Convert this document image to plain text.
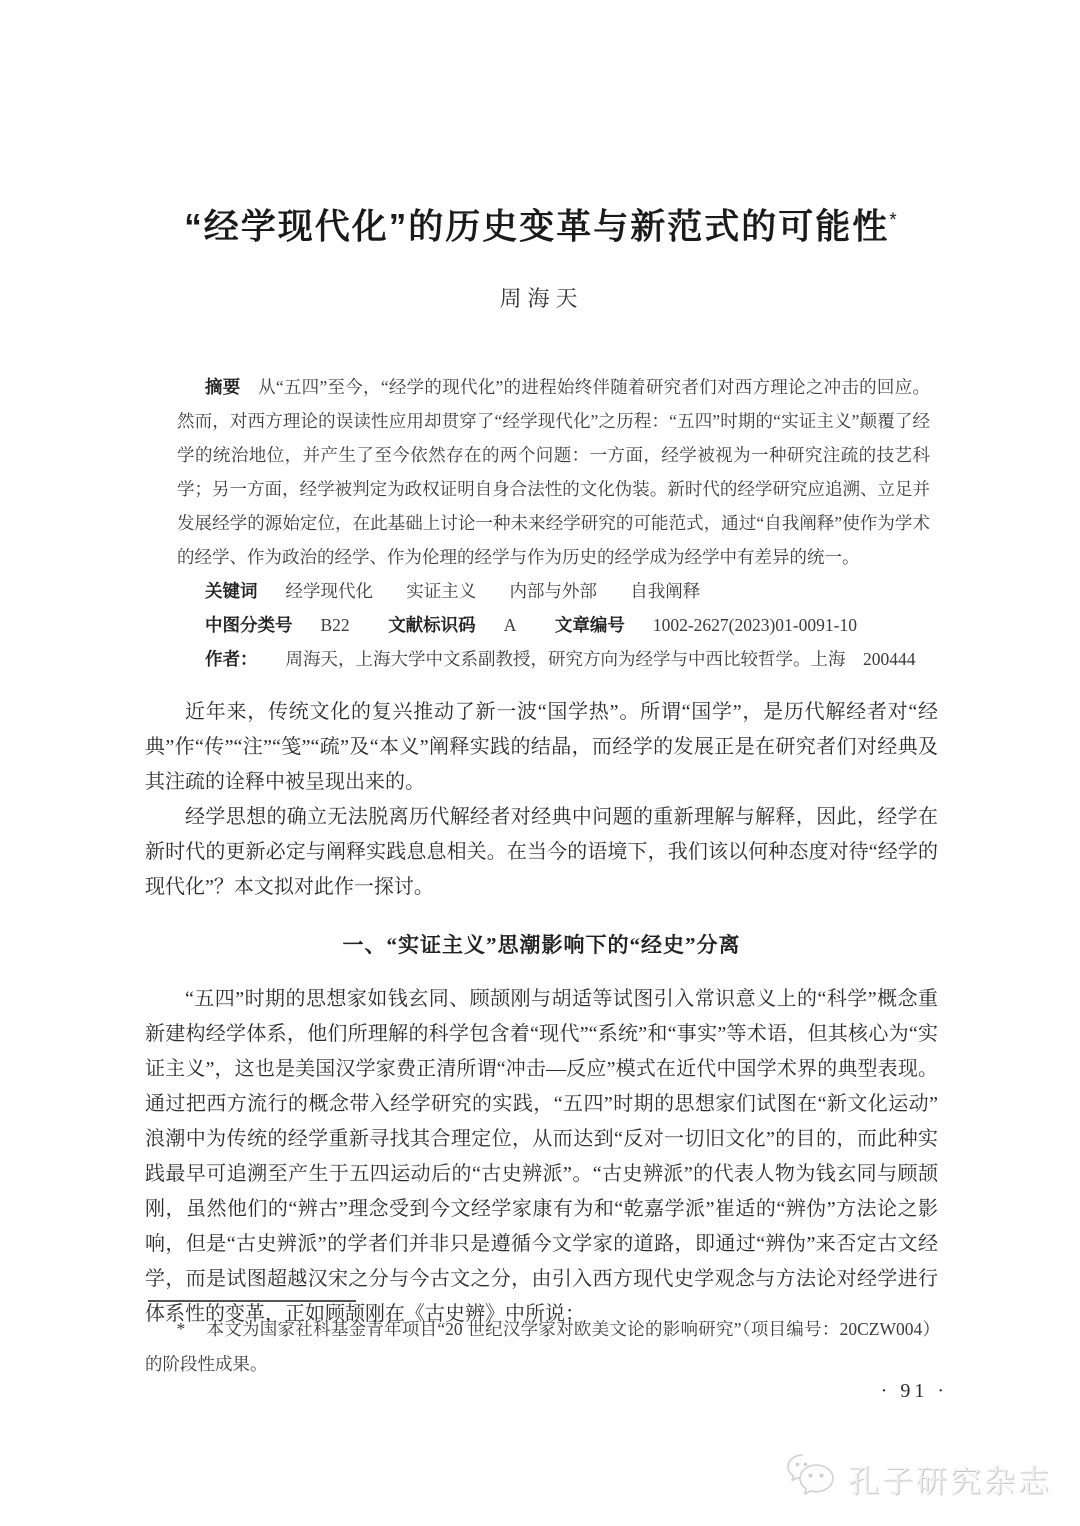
“经学现代化”的历史变革与新范式的可能性*
周海天

摘要 从“五四”至今，“经学的现代化”的进程始终伴随着研究者们对西方理论之冲击的回应。然而，对西方理论的误读性应用却贯穿了“经学现代化”之历程：“五四”时期的“实证主义”颠覆了经学的统治地位，并产生了至今依然存在的两个问题：一方面，经学被视为一种研究注疏的技艺科学；另一方面，经学被判定为政权证明自身合法性的文化伪装。新时代的经学研究应追溯、立足并发展经学的源始定位，在此基础上讨论一种未来经学研究的可能范式，通过“自我阐释”使作为学术的经学、作为政治的经学、作为伦理的经学与作为历史的经学成为经学中有差异的统一。

关键词 经学现代化 实证主义 内部与外部 自我阐释

中图分类号 B22 文献标识码 A 文章编号 1002-2627(2023)01-0091-10

作者： 周海天，上海大学中文系副教授，研究方向为经学与中西比较哲学。上海　200444

近年来，传统文化的复兴推动了新一波“国学热”。所谓“国学”，是历代解经者对“经典”作“传”“注”“笺”“疏”及“本义”阐释实践的结晶，而经学的发展正是在研究者们对经典及其注疏的诠释中被呈现出来的。

经学思想的确立无法脱离历代解经者对经典中问题的重新理解与解释，因此，经学在新时代的更新必定与阐释实践息息相关。在当今的语境下，我们该以何种态度对待“经学的现代化”？本文拟对此作一探讨。

一、“实证主义”思潮影响下的“经史”分离

“五四”时期的思想家如钱玄同、顾颉刚与胡适等试图引入常识意义上的“科学”概念重新建构经学体系，他们所理解的科学包含着“现代”“系统”和“事实”等术语，但其核心为“实证主义”，这也是美国汉学家费正清所谓“冲击—反应”模式在近代中国学术界的典型表现。通过把西方流行的概念带入经学研究的实践，“五四”时期的思想家们试图在“新文化运动”浪潮中为传统的经学重新寻找其合理定位，从而达到“反对一切旧文化”的目的，而此种实践最早可追溯至产生于五四运动后的“古史辨派”。“古史辨派”的代表人物为钱玄同与顾颉刚，虽然他们的“辨古”理念受到今文经学家康有为和“乾嘉学派”崔适的“辨伪”方法论之影响，但是“古史辨派”的学者们并非只是遵循今文学家的道路，即通过“辨伪”来否定古文经学，而是试图超越汉宋之分与今古文之分，由引入西方现代史学观念与方法论对经学进行体系性的变革，正如顾颉刚在《古史辨》中所说：

* 本文为国家社科基金青年项目“20 世纪汉学家对欧美文论的影响研究”（项目编号：20CZW004）的阶段性成果。

· 91 ·
孔子研究杂志
